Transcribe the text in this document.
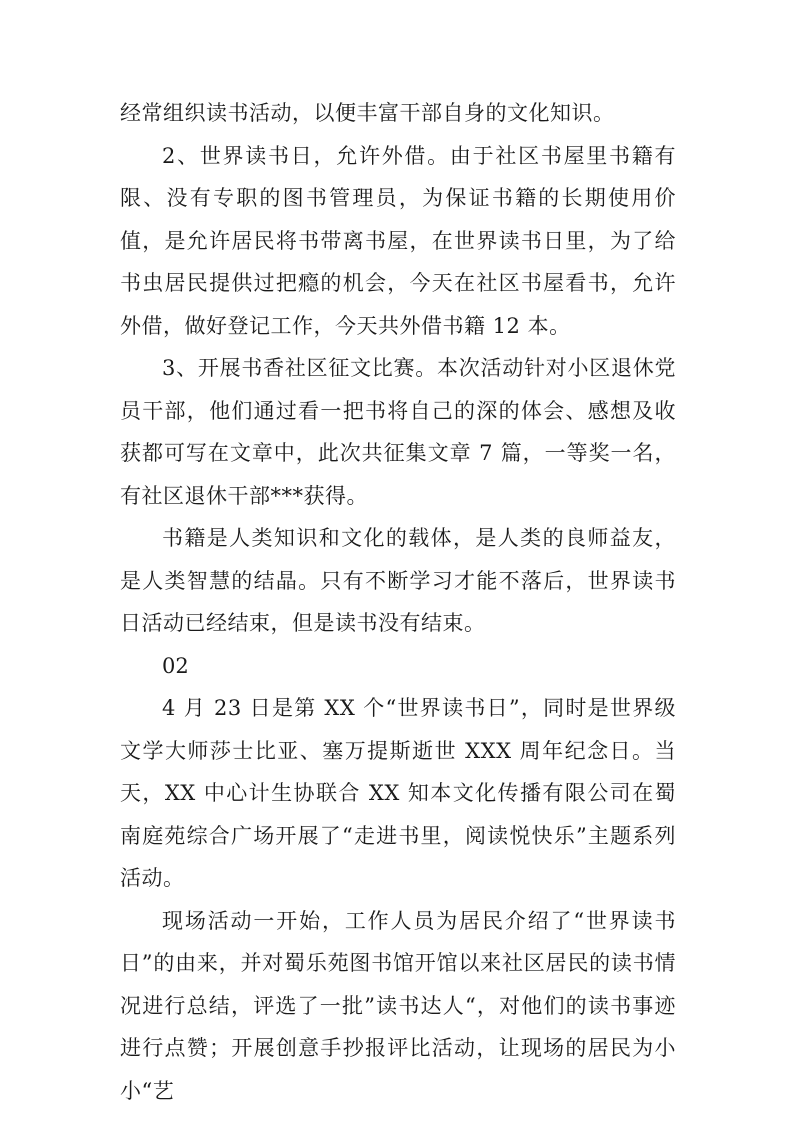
经常组织读书活动，以便丰富干部自身的文化知识。

2、世界读书日，允许外借。由于社区书屋里书籍有限、没有专职的图书管理员，为保证书籍的长期使用价值，是允许居民将书带离书屋，在世界读书日里，为了给书虫居民提供过把瘾的机会，今天在社区书屋看书，允许外借，做好登记工作，今天共外借书籍 12 本。

3、开展书香社区征文比赛。本次活动针对小区退休党员干部，他们通过看一把书将自己的深的体会、感想及收获都可写在文章中，此次共征集文章 7 篇，一等奖一名，有社区退休干部***获得。

书籍是人类知识和文化的载体，是人类的良师益友，是人类智慧的结晶。只有不断学习才能不落后，世界读书日活动已经结束，但是读书没有结束。

02

4 月 23 日是第 XX 个“世界读书日”，同时是世界级文学大师莎士比亚、塞万提斯逝世 XXX 周年纪念日。当天，XX 中心计生协联合 XX 知本文化传播有限公司在蜀南庭苑综合广场开展了“走进书里，阅读悦快乐”主题系列活动。

现场活动一开始，工作人员为居民介绍了“世界读书日”的由来，并对蜀乐苑图书馆开馆以来社区居民的读书情况进行总结，评选了一批”读书达人“，对他们的读书事迹进行点赞；开展创意手抄报评比活动，让现场的居民为小小“艺
